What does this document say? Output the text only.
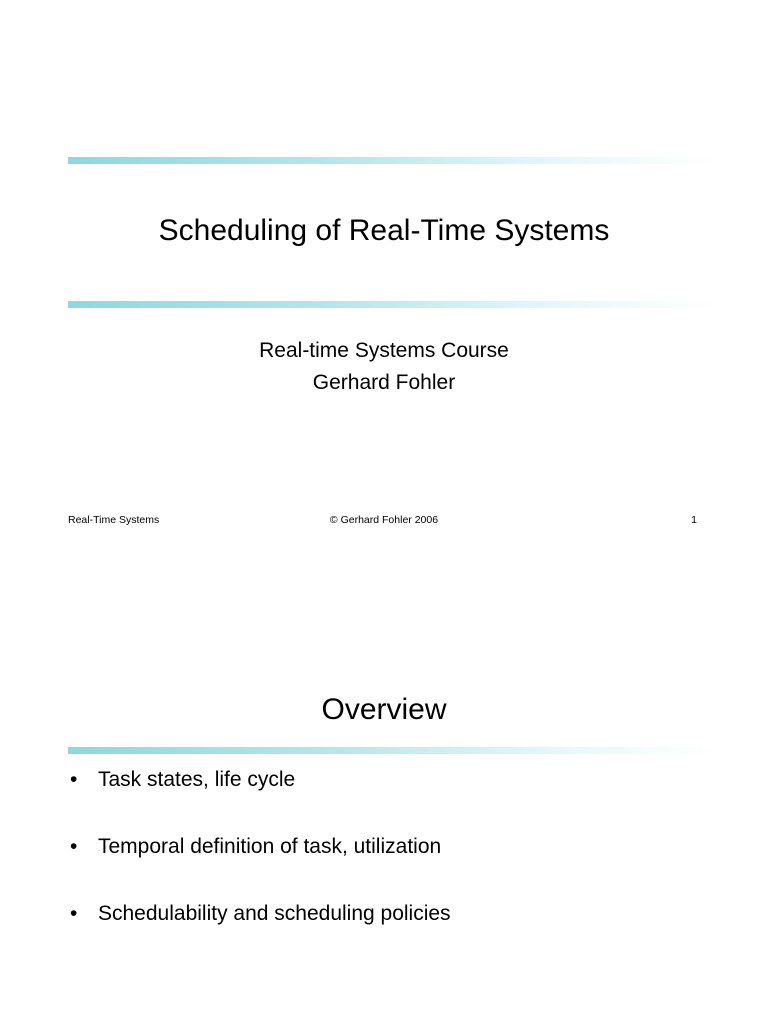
Scheduling of Real-Time Systems

Real-time Systems Course

Gerhard Fohler

Real-Time Systems	© Gerhard Fohler 2006	1
Overview
• Task states, life cycle
• Temporal definition of task, utilization
• Schedulability and scheduling policies
